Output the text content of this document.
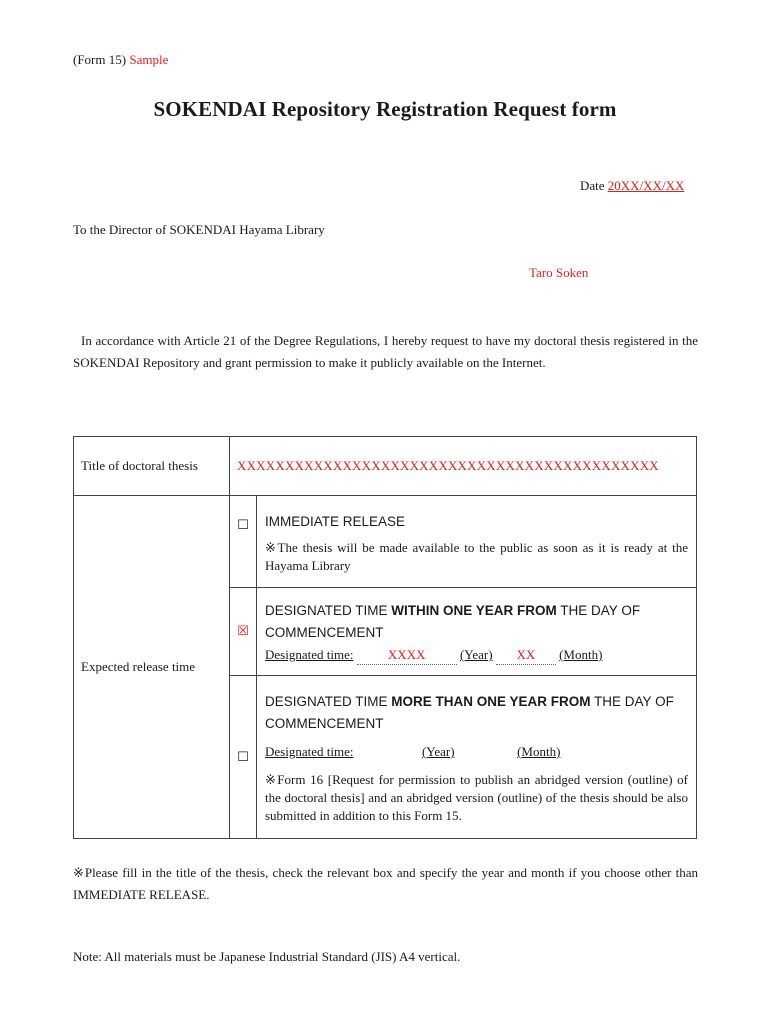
(Form 15) Sample
SOKENDAI Repository Registration Request form
Date 20XX/XX/XX
To the Director of SOKENDAI Hayama Library
Taro Soken
In accordance with Article 21 of the Degree Regulations, I hereby request to have my doctoral thesis registered in the SOKENDAI Repository and grant permission to make it publicly available on the Internet.
Title of doctoral thesis	XXXXXXXXXXXXXXXXXXXXXXXXXXXXXXXXXXXXXXXXXXXX	
Expected release time	☐	IMMEDIATE RELEASE
※The thesis will be made available to the public as soon as it is ready at the Hayama Library

	☒	DESIGNATED TIME WITHIN ONE YEAR FROM THE DAY OF COMMENCEMENT
Designated time: XXXX (Year) XX (Month)

	☐	DESIGNATED TIME MORE THAN ONE YEAR FROM THE DAY OF COMMENCEMENT
Designated time: (Year) (Month)
※Form 16 [Request for permission to publish an abridged version (outline) of the doctoral thesis] and an abridged version (outline) of the thesis should be also submitted in addition to this Form 15.
※Please fill in the title of the thesis, check the relevant box and specify the year and month if you choose other than IMMEDIATE RELEASE.
Note: All materials must be Japanese Industrial Standard (JIS) A4 vertical.
